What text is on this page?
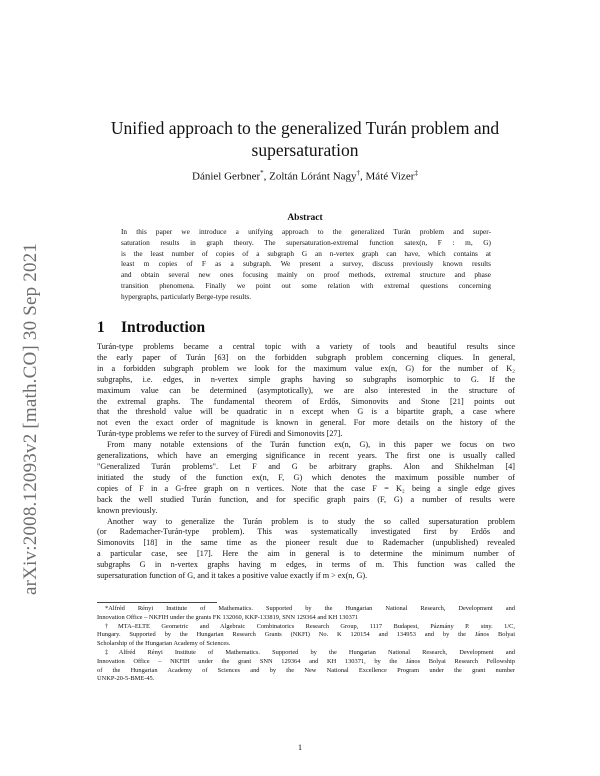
arXiv:2008.12093v2 [math.CO] 30 Sep 2021
Unified approach to the generalized Turán problem and
supersaturation
Dániel Gerbner*, Zoltán Lóránt Nagy†, Máté Vizer‡
Abstract
In this paper we introduce a unifying approach to the generalized Turán problem and super-
saturation results in graph theory. The supersaturation-extremal function satex(n, F : m, G)
is the least number of copies of a subgraph G an n-vertex graph can have, which contains at
least m copies of F as a subgraph. We present a survey, discuss previously known results
and obtain several new ones focusing mainly on proof methods, extremal structure and phase
transition phenomena. Finally we point out some relation with extremal questions concerning
hypergraphs, particularly Berge-type results.
1 Introduction
Turán-type problems became a central topic with a variety of tools and beautiful results since
the early paper of Turán [63] on the forbidden subgraph problem concerning cliques. In general,
in a forbidden subgraph problem we look for the maximum value ex(n, G) for the number of K₂
subgraphs, i.e. edges, in n-vertex simple graphs having so subgraphs isomorphic to G. If the
maximum value can be determined (asymptotically), we are also interested in the structure of
the extremal graphs. The fundamental theorem of Erdős, Simonovits and Stone [21] points out
that the threshold value will be quadratic in n except when G is a bipartite graph, a case where
not even the exact order of magnitude is known in general. For more details on the history of the
Turán-type problems we refer to the survey of Füredi and Simonovits [27].
From many notable extensions of the Turán function ex(n, G), in this paper we focus on two
generalizations, which have an emerging significance in recent years. The first one is usually called
"Generalized Turán problems". Let F and G be arbitrary graphs. Alon and Shikhelman [4]
initiated the study of the function ex(n, F, G) which denotes the maximum possible number of
copies of F in a G-free graph on n vertices. Note that the case F = K₂ being a single edge gives
back the well studied Turán function, and for specific graph pairs (F, G) a number of results were
known previously.
Another way to generalize the Turán problem is to study the so called supersaturation problem
(or Rademacher-Turán-type problem). This was systematically investigated first by Erdős and
Simonovits [18] in the same time as the pioneer result due to Rademacher (unpublished) revealed
a particular case, see [17]. Here the aim in general is to determine the minimum number of
subgraphs G in n-vertex graphs having m edges, in terms of m. This function was called the
supersaturation function of G, and it takes a positive value exactly if m > ex(n, G).
*Alfréd Rényi Institute of Mathematics. Supported by the Hungarian National Research, Development and
Innovation Office – NKFIH under the grants FK 132060, KKP-133819, SNN 129364 and KH 130371
†MTA–ELTE Geometric and Algebraic Combinatorics Research Group, 1117 Budapest, Pázmány P. stny. 1/C,
Hungary. Supported by the Hungarian Research Grants (NKFI) No. K 120154 and 134953 and by the János Bolyai
Scholarship of the Hungarian Academy of Sciences.
‡Alfréd Rényi Institute of Mathematics. Supported by the Hungarian National Research, Development and
Innovation Office – NKFIH under the grant SNN 129364 and KH 130371, by the János Bolyai Research Fellowship
of the Hungarian Academy of Sciences and by the New National Excellence Program under the grant number
ÚNKP-20-5-BME-45.
1
